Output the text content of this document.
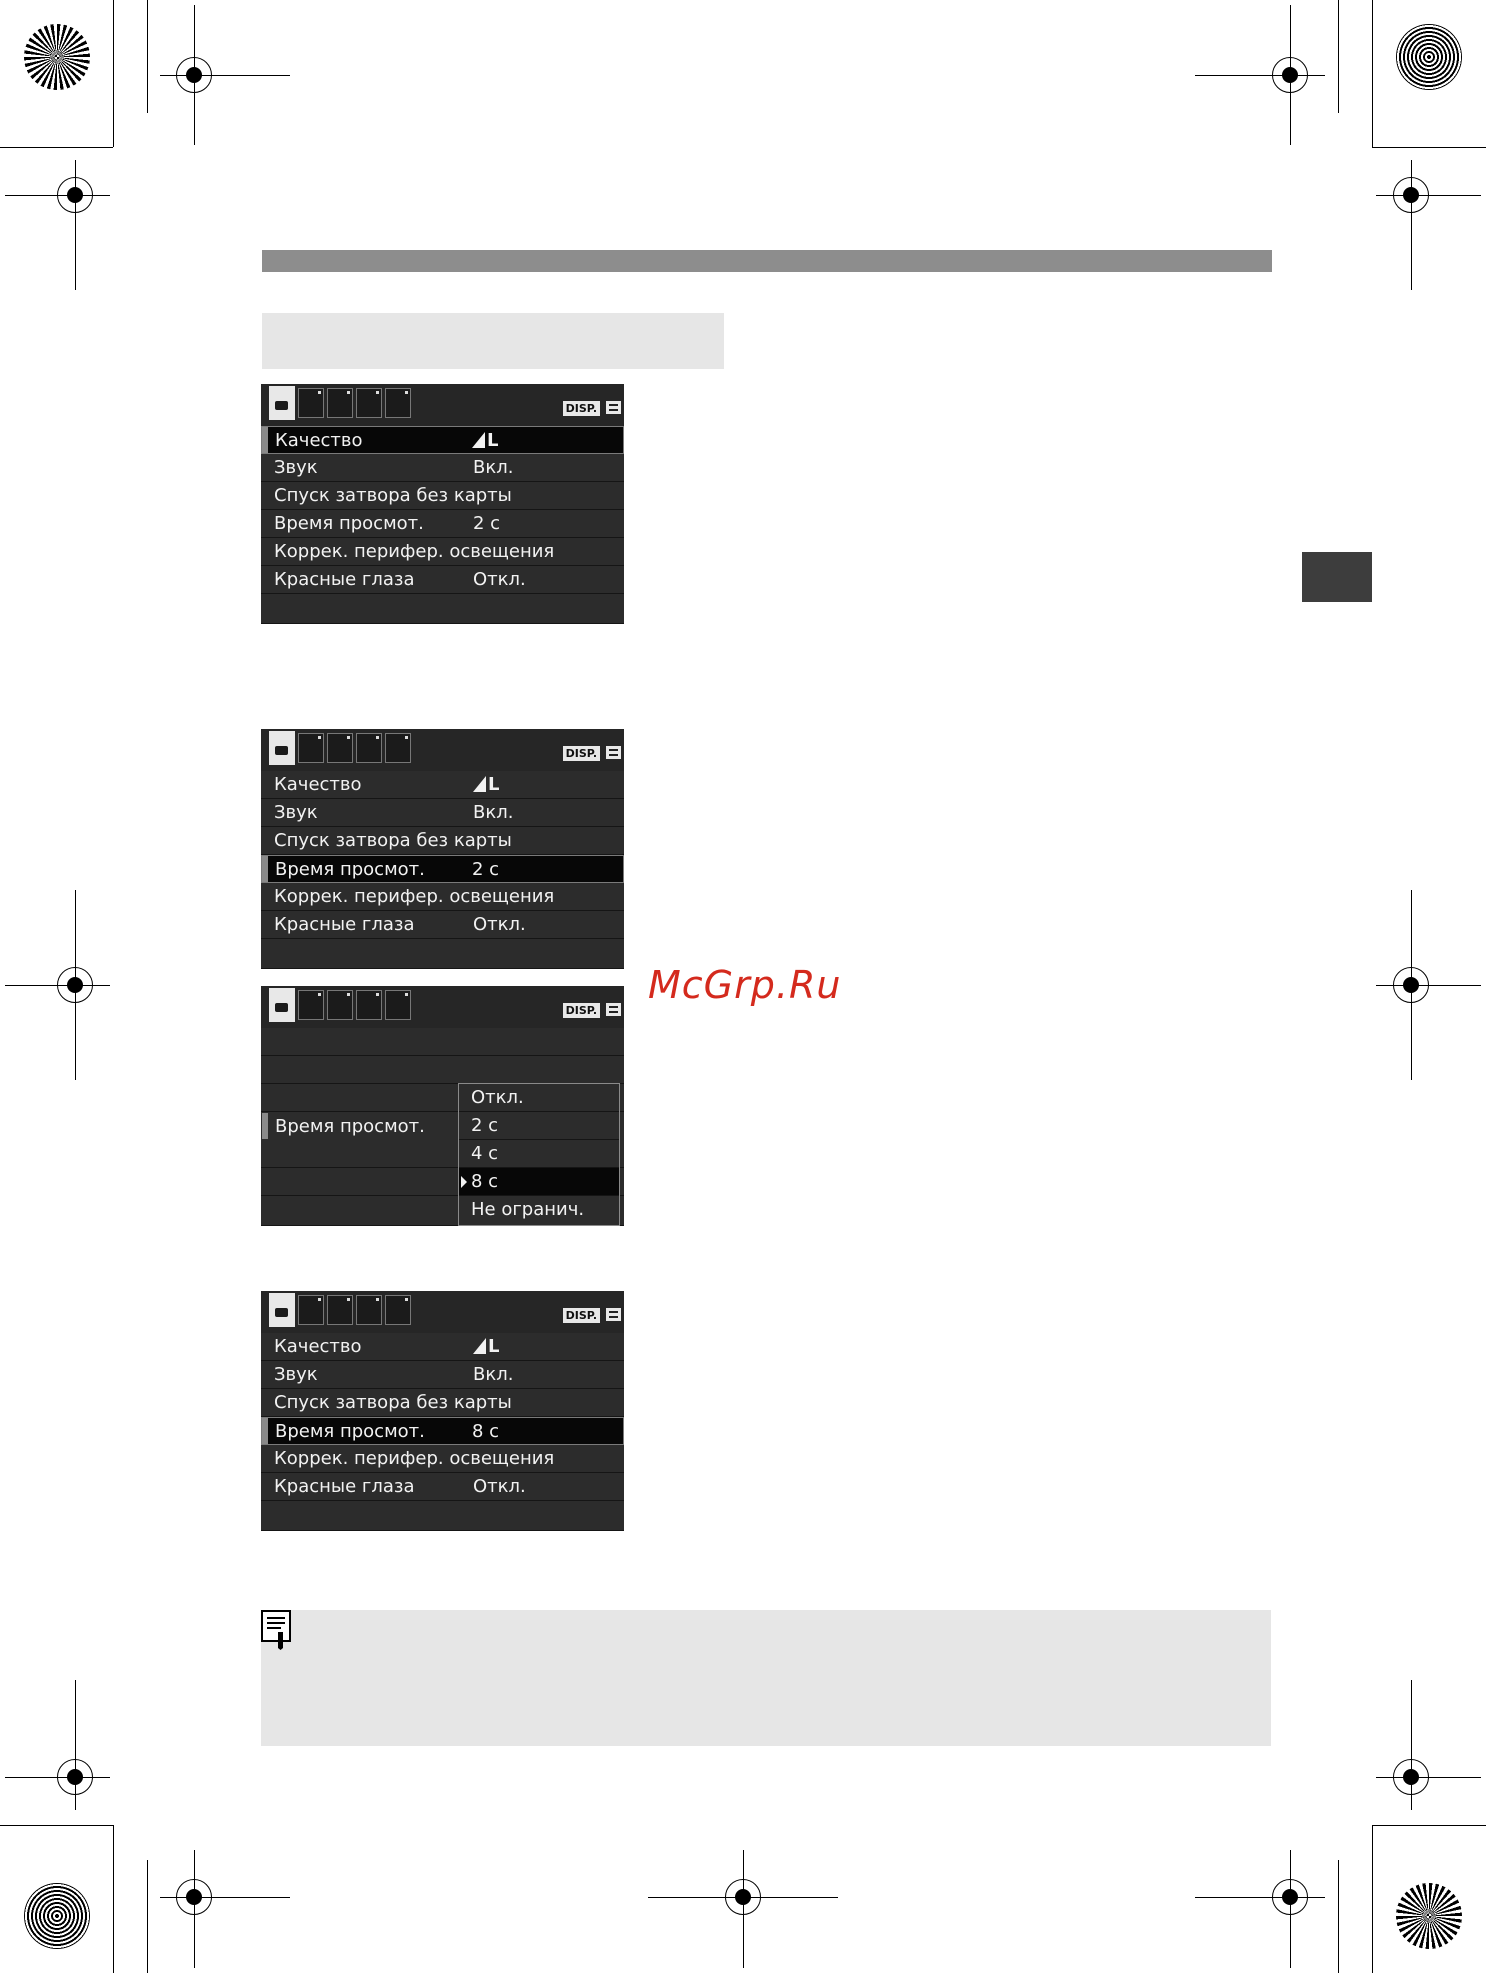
McGrp.Ru
DISP.
Качество	L
Звук	Вкл.
Спуск затвора без карты
Время просмот.	2 с
Коррек. перифер. освещения
Красные глаза	Откл.
DISP.
Качество	L
Звук	Вкл.
Спуск затвора без карты
Время просмот.	2 с
Коррек. перифер. освещения
Красные глаза	Откл.
DISP.
Время просмот.
Откл.
2 с
4 с
8 с
Не огранич.
DISP.
Качество	L
Звук	Вкл.
Спуск затвора без карты
Время просмот.	8 с
Коррек. перифер. освещения
Красные глаза	Откл.
